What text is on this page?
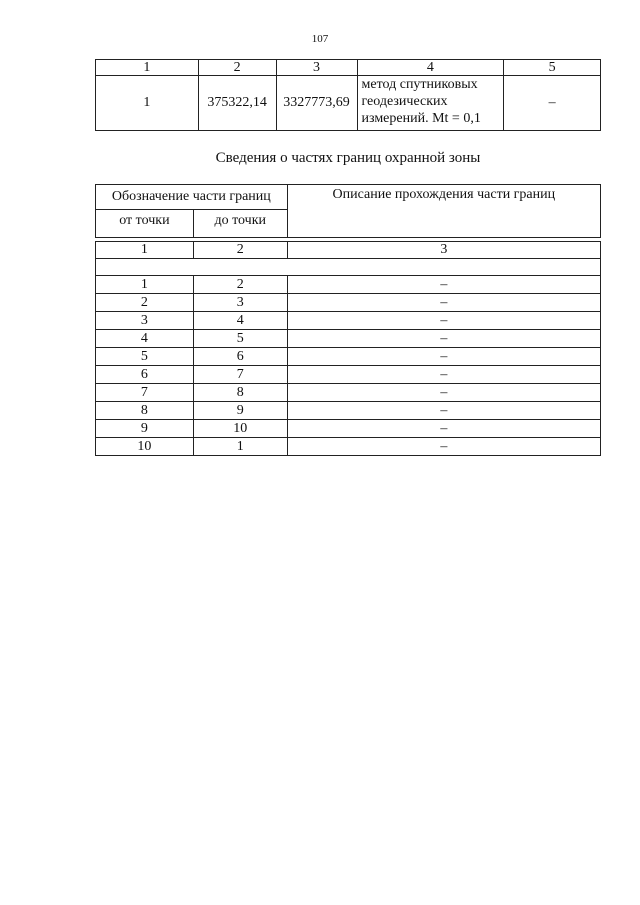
107
1	2	3	4	5
1	375322,14	3327773,69	метод спутниковых
геодезических
измерений. Mt = 0,1	–
Сведения о частях границ охранной зоны
Обозначение части границ		Описание прохождения части границ
от точки	до точки	

1	2	3

1	2	–
2	3	–
3	4	–
4	5	–
5	6	–
6	7	–
7	8	–
8	9	–
9	10	–
10	1	–
